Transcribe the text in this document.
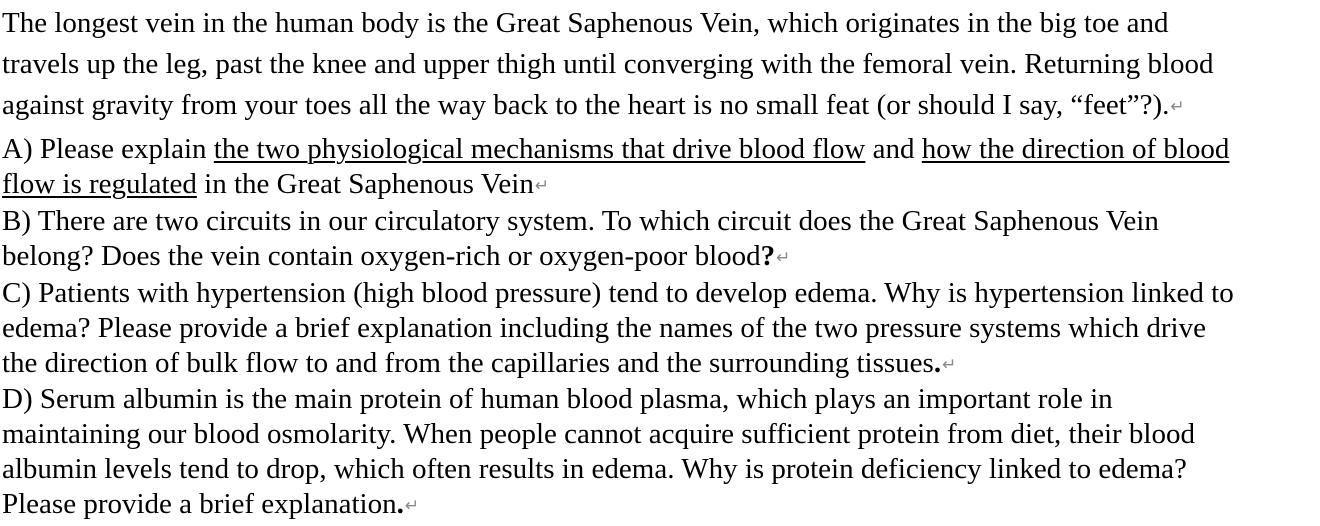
The longest vein in the human body is the Great Saphenous Vein, which originates in the big toe and
travels up the leg, past the knee and upper thigh until converging with the femoral vein. Returning blood
against gravity from your toes all the way back to the heart is no small feat (or should I say, “feet”?).↵

A) Please explain the two physiological mechanisms that drive blood flow and how the direction of blood
flow is regulated in the Great Saphenous Vein↵

B) There are two circuits in our circulatory system. To which circuit does the Great Saphenous Vein
belong? Does the vein contain oxygen-rich or oxygen-poor blood?↵

C) Patients with hypertension (high blood pressure) tend to develop edema. Why is hypertension linked to
edema? Please provide a brief explanation including the names of the two pressure systems which drive
the direction of bulk flow to and from the capillaries and the surrounding tissues.↵

D) Serum albumin is the main protein of human blood plasma, which plays an important role in
maintaining our blood osmolarity. When people cannot acquire sufficient protein from diet, their blood
albumin levels tend to drop, which often results in edema. Why is protein deficiency linked to edema?
Please provide a brief explanation.↵
